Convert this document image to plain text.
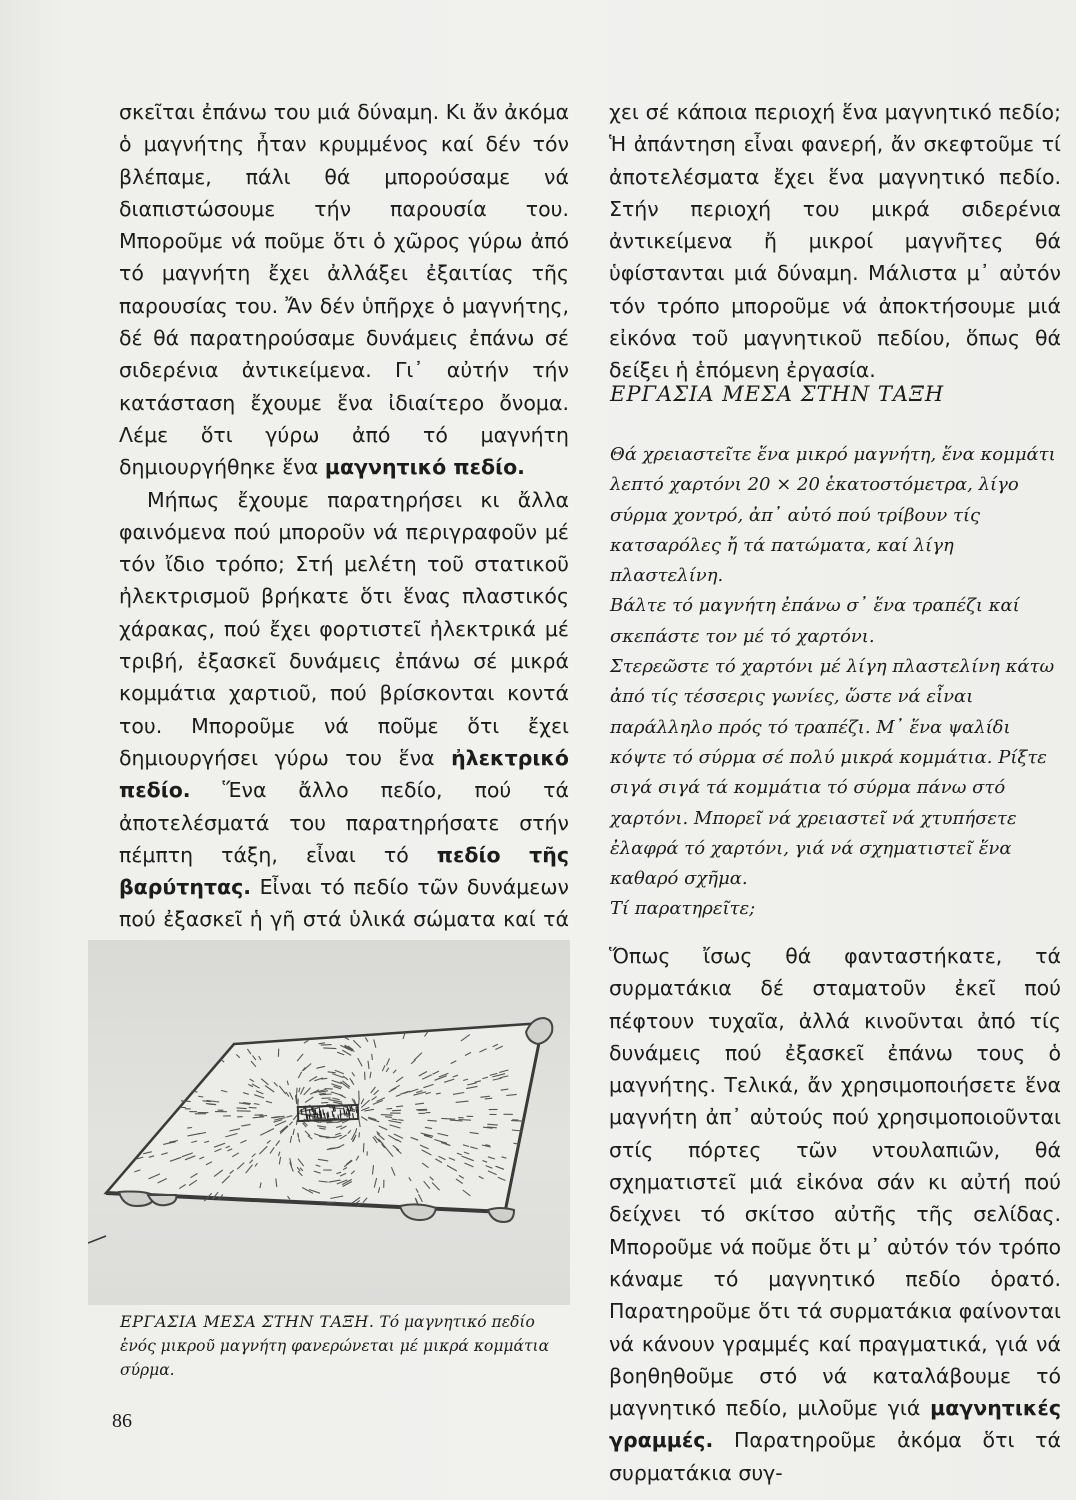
σκεῖται ἐπάνω του μιά δύναμη. Κι ἄν ἀκόμα ὁ μαγνήτης ἦταν κρυμμένος καί δέν τόν βλέπαμε, πάλι θά μπορούσαμε νά διαπιστώσουμε τήν παρουσία του. Μποροῦμε νά ποῦμε ὅτι ὁ χῶρος γύρω ἀπό τό μαγνήτη ἔχει ἀλλάξει ἐξαιτίας τῆς παρουσίας του. Ἄν δέν ὑπῆρχε ὁ μαγνήτης, δέ θά παρατηρούσαμε δυνάμεις ἐπάνω σέ σιδερένια ἀντικείμενα. Γι᾽ αὐτήν τήν κατάσταση ἔχουμε ἕνα ἰδιαίτερο ὄνομα. Λέμε ὅτι γύρω ἀπό τό μαγνήτη δημιουργήθηκε ἕνα μαγνητικό πεδίο.

Μήπως ἔχουμε παρατηρήσει κι ἄλλα φαινόμενα πού μποροῦν νά περιγραφοῦν μέ τόν ἴδιο τρόπο; Στή μελέτη τοῦ στατικοῦ ἠλεκτρισμοῦ βρήκατε ὅτι ἕνας πλαστικός χάρακας, πού ἔχει φορτιστεῖ ἠλεκτρικά μέ τριβή, ἐξασκεῖ δυνάμεις ἐπάνω σέ μικρά κομμάτια χαρτιοῦ, πού βρίσκονται κοντά του. Μποροῦμε νά ποῦμε ὅτι ἔχει δημιουργήσει γύρω του ἕνα ἠλεκτρικό πεδίο. Ἕνα ἄλλο πεδίο, πού τά ἀποτελέσματά του παρατηρήσατε στήν πέμπτη τάξη, εἶναι τό πεδίο τῆς βαρύτητας. Εἶναι τό πεδίο τῶν δυνάμεων πού ἐξασκεῖ ἡ γῆ στά ὑλικά σώματα καί τά

χει σέ κάποια περιοχή ἕνα μαγνητικό πεδίο; Ἡ ἀπάντηση εἶναι φανερή, ἄν σκεφτοῦμε τί ἀποτελέσματα ἔχει ἕνα μαγνητικό πεδίο. Στήν περιοχή του μικρά σιδερένια ἀντικείμενα ἤ μικροί μαγνῆτες θά ὑφίστανται μιά δύναμη. Μάλιστα μ᾽ αὐτόν τόν τρόπο μποροῦμε νά ἀποκτήσουμε μιά εἰκόνα τοῦ μαγνητικοῦ πεδίου, ὅπως θά δείξει ἡ ἑπόμενη ἐργασία.

ΕΡΓΑΣΙΑ ΜΕΣΑ ΣΤΗΝ ΤΑΞΗ

Θά χρειαστεῖτε ἕνα μικρό μαγνήτη, ἕνα κομμάτι λεπτό χαρτόνι 20 × 20 ἑκατοστόμετρα, λίγο σύρμα χοντρό, ἀπ᾽ αὐτό πού τρίβουν τίς κατσαρόλες ἤ τά πατώματα, καί λίγη πλαστελίνη.

Βάλτε τό μαγνήτη ἐπάνω σ᾽ ἕνα τραπέζι καί σκεπάστε τον μέ τό χαρτόνι.

Στερεῶστε τό χαρτόνι μέ λίγη πλαστελίνη κάτω ἀπό τίς τέσσερις γωνίες, ὥστε νά εἶναι παράλληλο πρός τό τραπέζι. Μ᾽ ἕνα ψαλίδι κόψτε τό σύρμα σέ πολύ μικρά κομμάτια. Ρίξτε σιγά σιγά τά κομμάτια τό σύρμα πάνω στό χαρτόνι. Μπορεῖ νά χρειαστεῖ νά χτυπήσετε ἐλαφρά τό χαρτόνι, γιά νά σχηματιστεῖ ἕνα καθαρό σχῆμα.

Τί παρατηρεῖτε;

Ὅπως ἴσως θά φανταστήκατε, τά συρματάκια δέ σταματοῦν ἐκεῖ πού πέφτουν τυχαῖα, ἀλλά κινοῦνται ἀπό τίς δυνάμεις πού ἐξασκεῖ ἐπάνω τους ὁ μαγνήτης. Τελικά, ἄν χρησιμοποιήσετε ἕνα μαγνήτη ἀπ᾽ αὐτούς πού χρησιμοποιοῦνται στίς πόρτες τῶν ντουλαπιῶν, θά σχηματιστεῖ μιά εἰκόνα σάν κι αὐτή πού δείχνει τό σκίτσο αὐτῆς τῆς σελίδας. Μποροῦμε νά ποῦμε ὅτι μ᾽ αὐτόν τόν τρόπο κάναμε τό μαγνητικό πεδίο ὁρατό. Παρατηροῦμε ὅτι τά συρματάκια φαίνονται νά κάνουν γραμμές καί πραγματικά, γιά νά βοηθηθοῦμε στό νά καταλάβουμε τό μαγνητικό πεδίο, μιλοῦμε γιά μαγνητικές γραμμές. Παρατηροῦμε ἀκόμα ὅτι τά συρματάκια συγ-

ΕΡΓΑΣΙΑ ΜΕΣΑ ΣΤΗΝ ΤΑΞΗ. Τό μαγνητικό πεδίο ἑνός μικροῦ μαγνήτη φανερώνεται μέ μικρά κομμάτια σύρμα.
86
